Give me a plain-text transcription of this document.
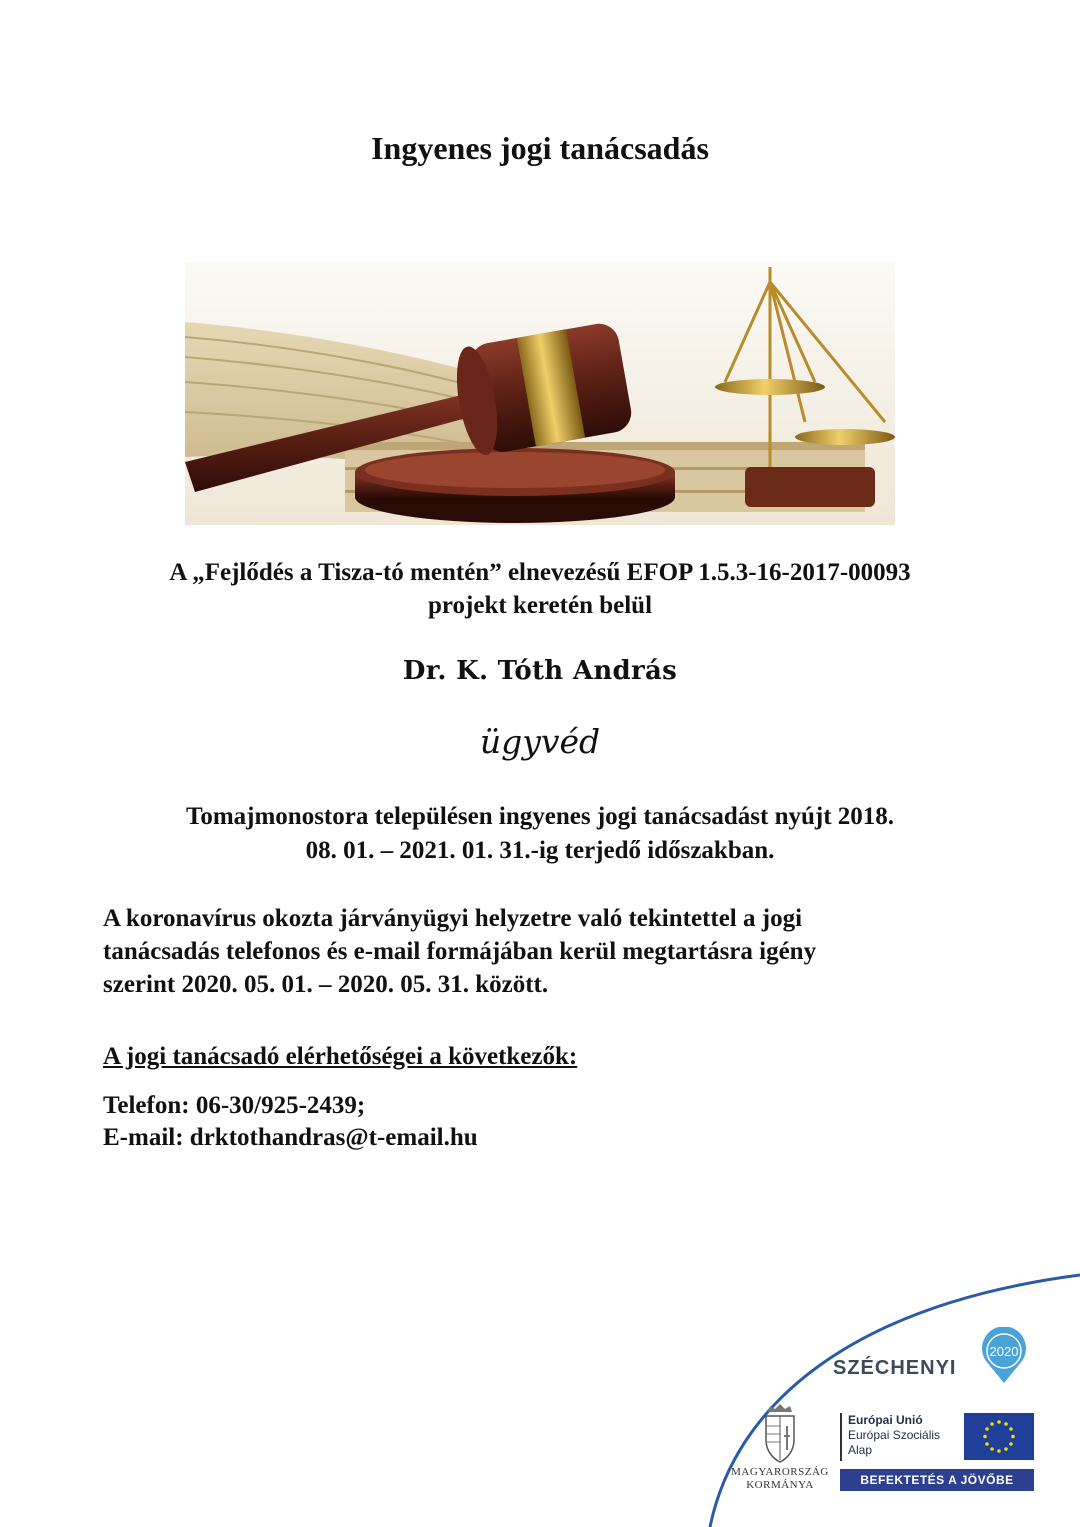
Ingyenes jogi tanácsadás
A „Fejlődés a Tisza-tó mentén” elnevezésű EFOP 1.5.3-16-2017-00093
projekt keretén belül
Dr. K. Tóth András
ügyvéd
Tomajmonostora településen ingyenes jogi tanácsadást nyújt 2018.
08. 01. – 2021. 01. 31.-ig terjedő időszakban.
A koronavírus okozta járványügyi helyzetre való tekintettel a jogi
tanácsadás telefonos és e-mail formájában kerül megtartásra igény
szerint 2020. 05. 01. – 2020. 05. 31. között.
A jogi tanácsadó elérhetőségei a következők:
Telefon: 06-30/925-2439;
E-mail: drktothandras@t-email.hu
SZÉCHENYI
2020
MAGYARORSZÁG
KORMÁNYA
Európai Unió
Európai Szociális
Alap
BEFEKTETÉS A JÖVŐBE
